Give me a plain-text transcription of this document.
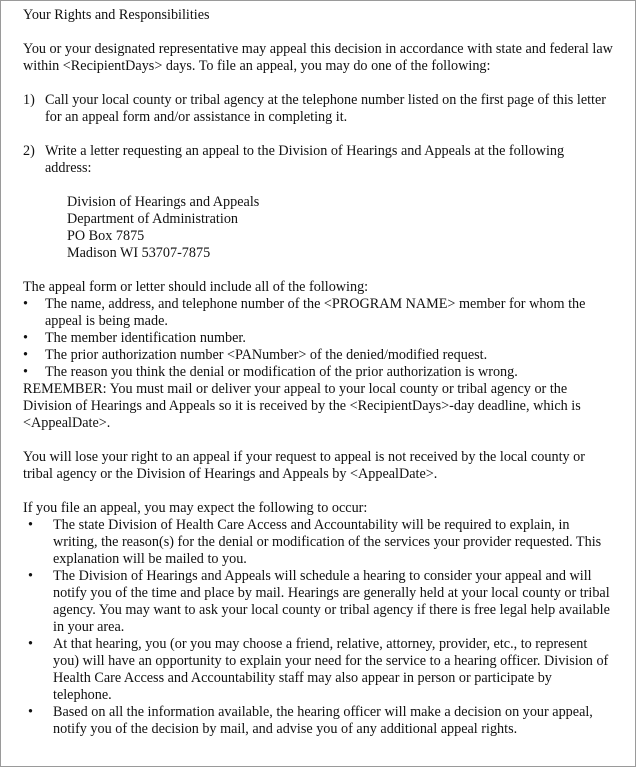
Your Rights and Responsibilities

You or your designated representative may appeal this decision in accordance with state and federal law within <RecipientDays> days. To file an appeal, you may do one of the following:

1) Call your local county or tribal agency at the telephone number listed on the first page of this letter for an appeal form and/or assistance in completing it.
2) Write a letter requesting an appeal to the Division of Hearings and Appeals at the following address:
Division of Hearings and Appeals
Department of Administration
PO Box 7875
Madison WI 53707-7875

The appeal form or letter should include all of the following:

•	The name, address, and telephone number of the <PROGRAM NAME> member for whom the appeal is being made.
•	The member identification number.
•	The prior authorization number <PANumber> of the denied/modified request.
•	The reason you think the denial or modification of the prior authorization is wrong.

REMEMBER: You must mail or deliver your appeal to your local county or tribal agency or the Division of Hearings and Appeals so it is received by the <RecipientDays>-day deadline, which is <AppealDate>.

You will lose your right to an appeal if your request to appeal is not received by the local county or tribal agency or the Division of Hearings and Appeals by <AppealDate>.

If you file an appeal, you may expect the following to occur:

•	The state Division of Health Care Access and Accountability will be required to explain, in writing, the reason(s) for the denial or modification of the services your provider requested. This explanation will be mailed to you.
•	The Division of Hearings and Appeals will schedule a hearing to consider your appeal and will notify you of the time and place by mail. Hearings are generally held at your local county or tribal agency. You may want to ask your local county or tribal agency if there is free legal help available in your area.
•	At that hearing, you (or you may choose a friend, relative, attorney, provider, etc., to represent you) will have an opportunity to explain your need for the service to a hearing officer. Division of Health Care Access and Accountability staff may also appear in person or participate by telephone.
•	Based on all the information available, the hearing officer will make a decision on your appeal, notify you of the decision by mail, and advise you of any additional appeal rights.
